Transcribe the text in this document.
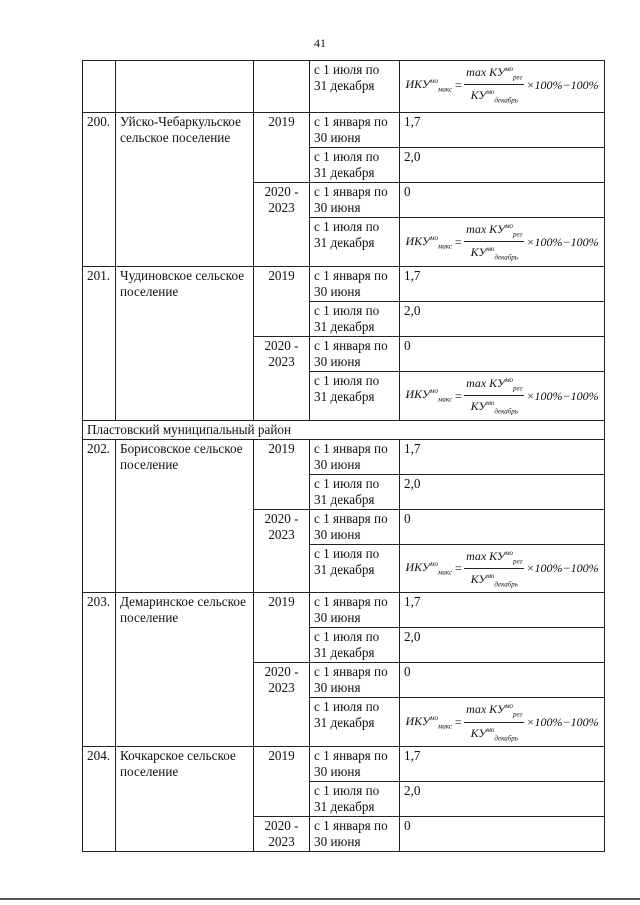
41
			с 1 июля по 31 декабря	$ИКУ^{мо}_{макс} = \frac{\max КУ^{мо}_{рег}}{КУ^{мо}_{декабрь}} \times 100\%-100\%$

200.	Уйско-Чебаркульское сельское поселение	2019	с 1 января по 30 июня	1,7
			с 1 июля по 31 декабря	2,0
		2020 - 2023	с 1 января по 30 июня	0
			с 1 июля по 31 декабря	$ИКУ^{мо}_{макс} = \frac{\max КУ^{мо}_{рег}}{КУ^{мо}_{декабрь}} \times 100\%-100\%$

201.	Чудиновское сельское поселение	2019	с 1 января по 30 июня	1,7
			с 1 июля по 31 декабря	2,0
		2020 - 2023	с 1 января по 30 июня	0
			с 1 июля по 31 декабря	$ИКУ^{мо}_{макс} = \frac{\max КУ^{мо}_{рег}}{КУ^{мо}_{декабрь}} \times 100\%-100\%$

Пластовский муниципальный район				
202.	Борисовское сельское поселение	2019	с 1 января по 30 июня	1,7
			с 1 июля по 31 декабря	2,0
		2020 - 2023	с 1 января по 30 июня	0
			с 1 июля по 31 декабря	$ИКУ^{мо}_{макс} = \frac{\max КУ^{мо}_{рег}}{КУ^{мо}_{декабрь}} \times 100\%-100\%$

203.	Демаринское сельское поселение	2019	с 1 января по 30 июня	1,7
			с 1 июля по 31 декабря	2,0
		2020 - 2023	с 1 января по 30 июня	0
			с 1 июля по 31 декабря	$ИКУ^{мо}_{макс} = \frac{\max КУ^{мо}_{рег}}{КУ^{мо}_{декабрь}} \times 100\%-100\%$

204.	Кочкарское сельское поселение	2019	с 1 января по 30 июня	1,7
			с 1 июля по 31 декабря	2,0
		2020 - 2023	с 1 января по 30 июня	0
